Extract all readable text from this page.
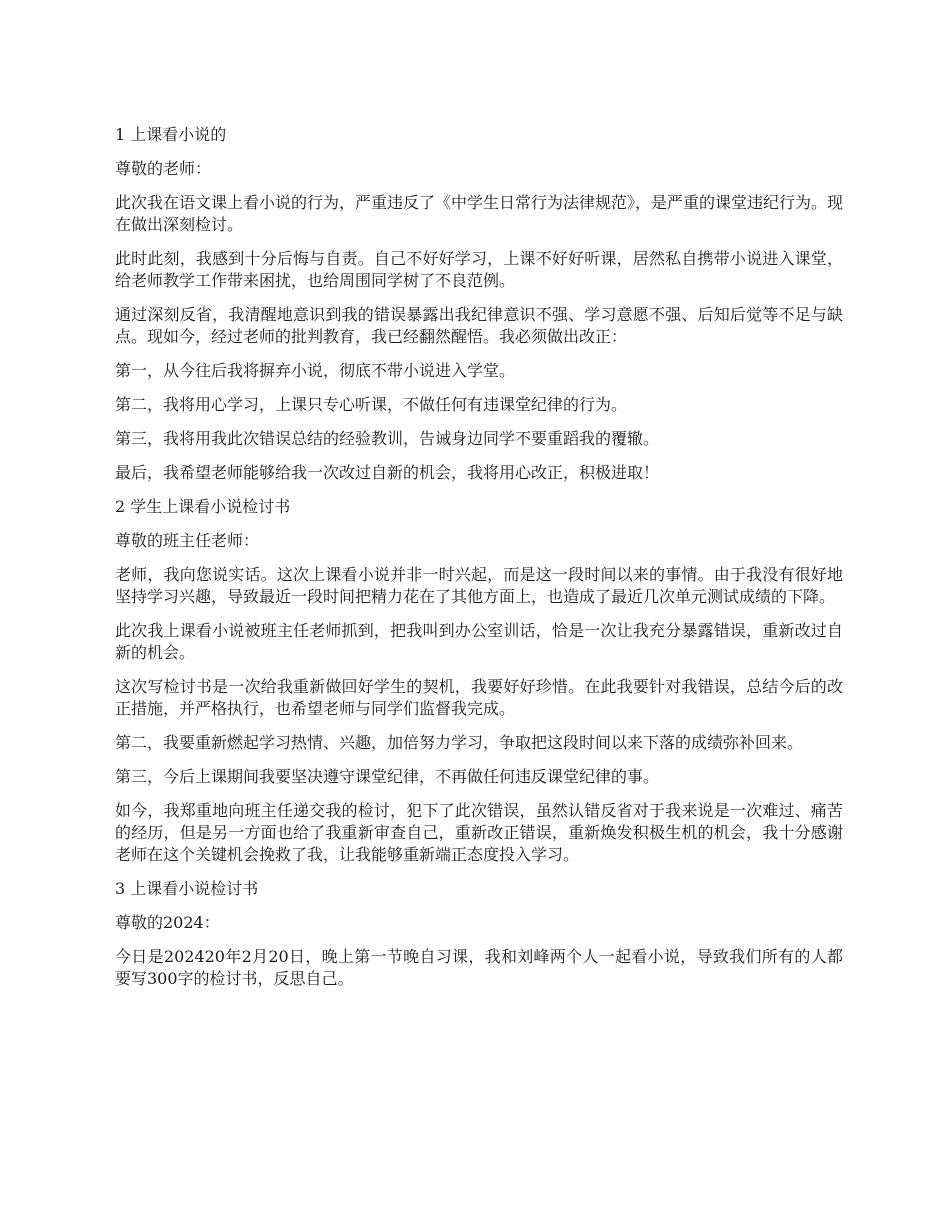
1 上课看小说的

尊敬的老师：

此次我在语文课上看小说的行为，严重违反了《中学生日常行为法律规范》，是严重的课堂违纪行为。现在做出深刻检讨。

此时此刻，我感到十分后悔与自责。自己不好好学习，上课不好好听课，居然私自携带小说进入课堂，给老师教学工作带来困扰，也给周围同学树了不良范例。

通过深刻反省，我清醒地意识到我的错误暴露出我纪律意识不强、学习意愿不强、后知后觉等不足与缺点。现如今，经过老师的批判教育，我已经翻然醒悟。我必须做出改正：

第一，从今往后我将摒弃小说，彻底不带小说进入学堂。

第二，我将用心学习，上课只专心听课，不做任何有违课堂纪律的行为。

第三，我将用我此次错误总结的经验教训，告诫身边同学不要重蹈我的覆辙。

最后，我希望老师能够给我一次改过自新的机会，我将用心改正，积极进取！

2 学生上课看小说检讨书

尊敬的班主任老师：

老师，我向您说实话。这次上课看小说并非一时兴起，而是这一段时间以来的事情。由于我没有很好地坚持学习兴趣，导致最近一段时间把精力花在了其他方面上，也造成了最近几次单元测试成绩的下降。

此次我上课看小说被班主任老师抓到，把我叫到办公室训话，恰是一次让我充分暴露错误，重新改过自新的机会。

这次写检讨书是一次给我重新做回好学生的契机，我要好好珍惜。在此我要针对我错误，总结今后的改正措施，并严格执行，也希望老师与同学们监督我完成。

第二，我要重新燃起学习热情、兴趣，加倍努力学习，争取把这段时间以来下落的成绩弥补回来。

第三，今后上课期间我要坚决遵守课堂纪律，不再做任何违反课堂纪律的事。

如今，我郑重地向班主任递交我的检讨，犯下了此次错误，虽然认错反省对于我来说是一次难过、痛苦的经历，但是另一方面也给了我重新审查自己，重新改正错误，重新焕发积极生机的机会，我十分感谢老师在这个关键机会挽救了我，让我能够重新端正态度投入学习。

3 上课看小说检讨书

尊敬的2024：

今日是202420年2月20日，晚上第一节晚自习课，我和刘峰两个人一起看小说，导致我们所有的人都要写300字的检讨书，反思自己。
